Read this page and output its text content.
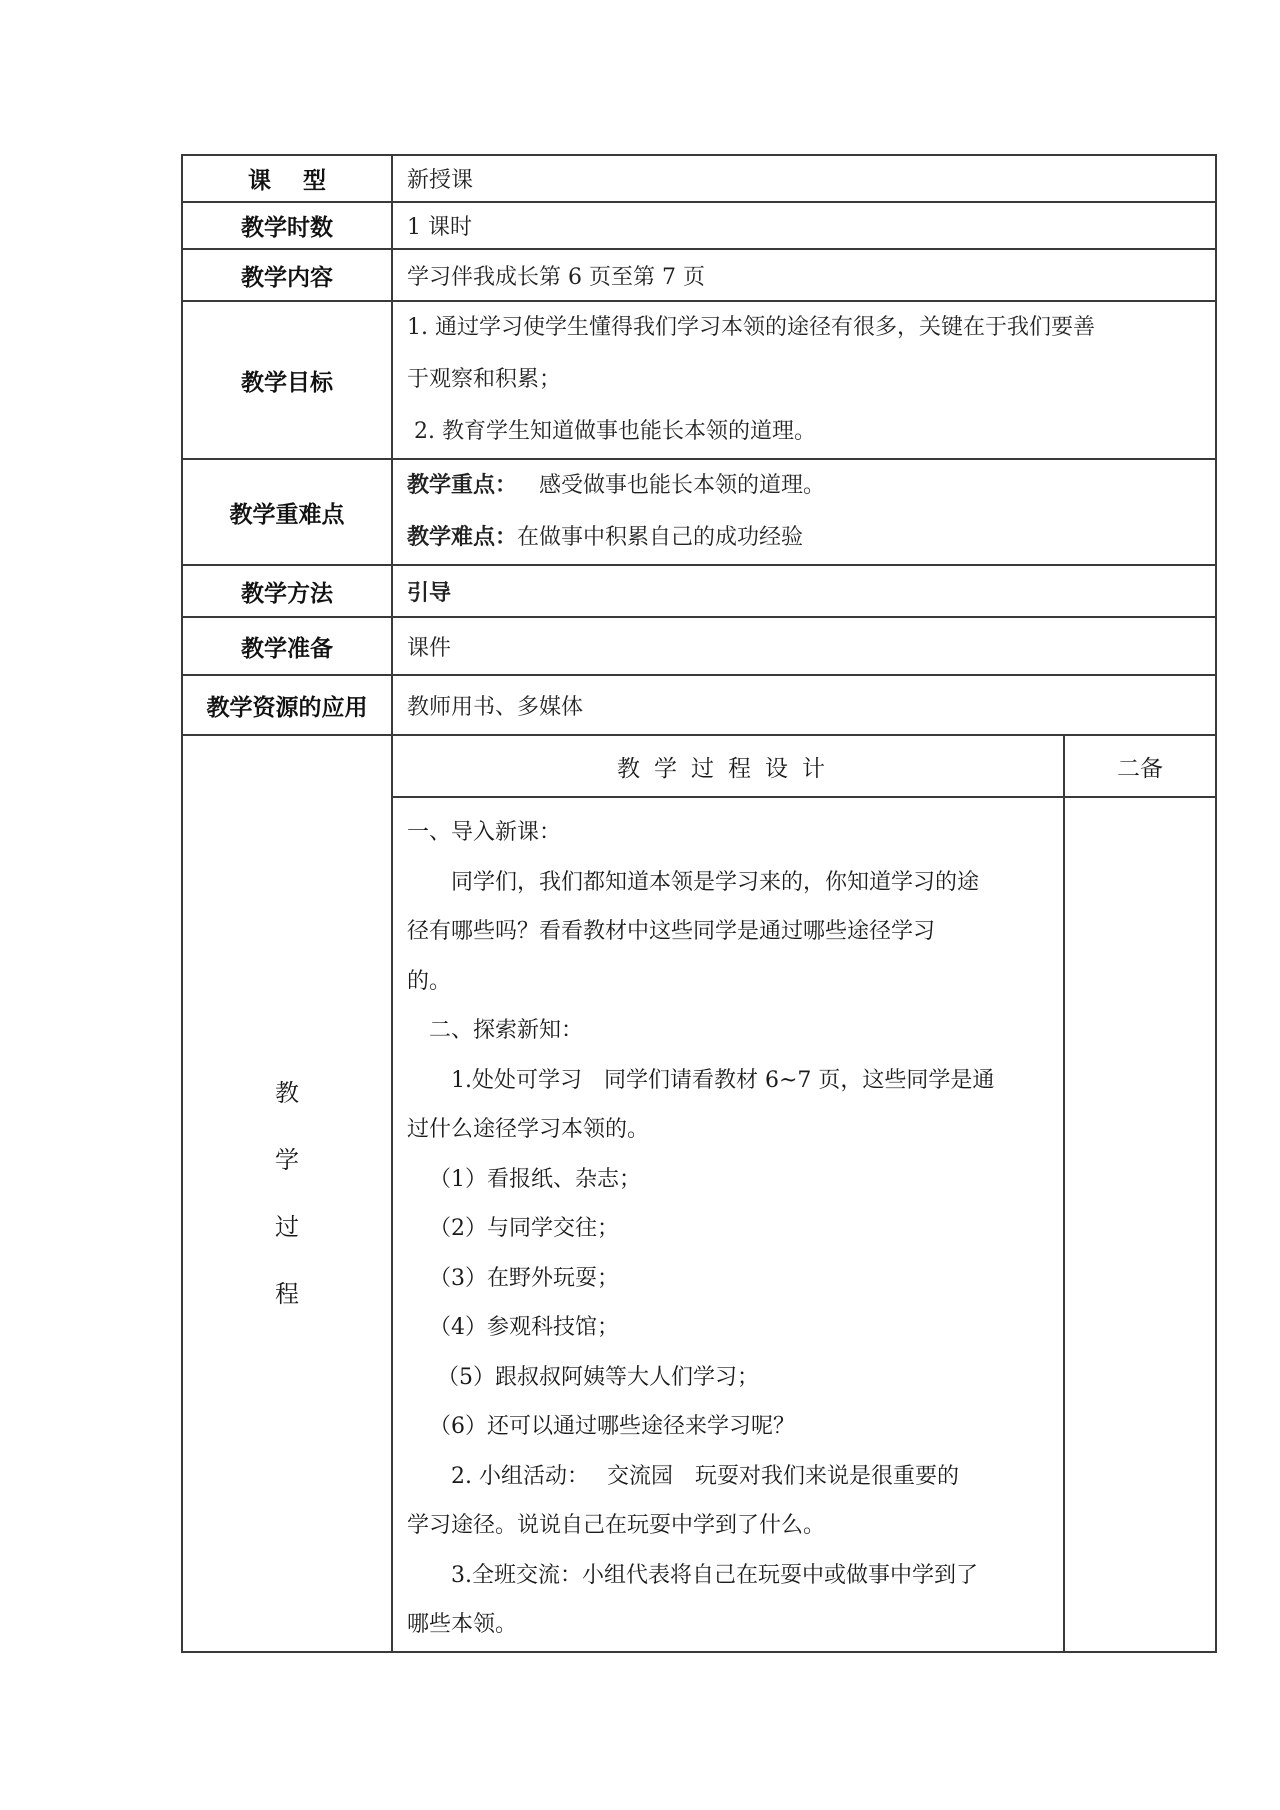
课    型	新授课	
教学时数	1 课时	
教学内容	学习伴我成长第 6 页至第 7 页	
教学目标	1. 通过学习使学生懂得我们学习本领的途径有很多，关键在于我们要善
于观察和积累；
2. 教育学生知道做事也能长本领的道理。	

教学重难点	教学重点： 感受做事也能长本领的道理。
教学难点：在做事中积累自己的成功经验	

教学方法	引导	
教学准备	课件	
教学资源的应用	教师用书、多媒体	

教
学
过
程	教学过程设计	二备

一、导入新课：
同学们，我们都知道本领是学习来的，你知道学习的途
径有哪些吗？看看教材中这些同学是通过哪些途径学习
的。
二、探索新知：
1.处处可学习　同学们请看教材 6~7 页，这些同学是通
过什么途径学习本领的。
（1）看报纸、杂志；
（2）与同学交往；
（3）在野外玩耍；
（4）参观科技馆；
（5）跟叔叔阿姨等大人们学习；
（6）还可以通过哪些途径来学习呢？
2. 小组活动：　 交流园　玩耍对我们来说是很重要的
学习途径。说说自己在玩耍中学到了什么。
3.全班交流：小组代表将自己在玩耍中或做事中学到了
哪些本领。
